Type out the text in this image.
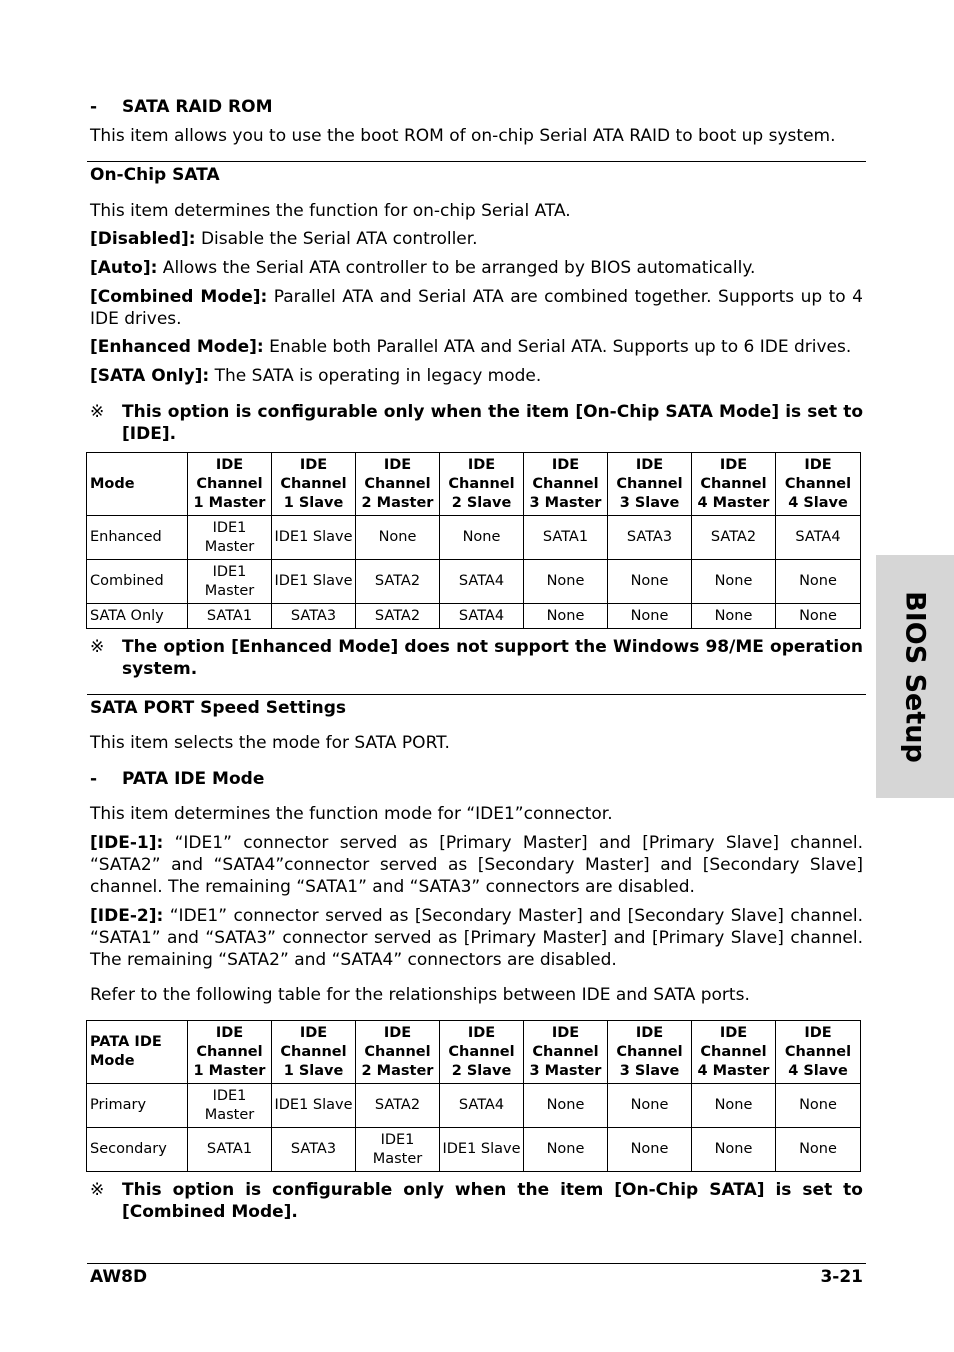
- SATA RAID ROM
This item allows you to use the boot ROM of on-chip Serial ATA RAID to boot up system.
On-Chip SATA
This item determines the function for on-chip Serial ATA.
[Disabled]: Disable the Serial ATA controller.
[Auto]: Allows the Serial ATA controller to be arranged by BIOS automatically.
[Combined Mode]: Parallel ATA and Serial ATA are combined together. Supports up to 4 IDE drives.
[Enhanced Mode]: Enable both Parallel ATA and Serial ATA. Supports up to 6 IDE drives.
[SATA Only]: The SATA is operating in legacy mode.
※ This option is configurable only when the item [On-Chip SATA Mode] is set to [IDE].
Mode	IDE Channel 1 Master	IDE Channel 1 Slave	IDE Channel 2 Master	IDE Channel 2 Slave	IDE Channel 3 Master	IDE Channel 3 Slave	IDE Channel 4 Master	IDE Channel 4 Slave
Enhanced	IDE1 Master	IDE1 Slave	None	None	SATA1	SATA3	SATA2	SATA4
Combined	IDE1 Master	IDE1 Slave	SATA2	SATA4	None	None	None	None
SATA Only	SATA1	SATA3	SATA2	SATA4	None	None	None	None
※ The option [Enhanced Mode] does not support the Windows 98/ME operation system.
SATA PORT Speed Settings
This item selects the mode for SATA PORT.
- PATA IDE Mode
This item determines the function mode for “IDE1”connector.
[IDE-1]: “IDE1” connector served as [Primary Master] and [Primary Slave] channel. “SATA2” and “SATA4”connector served as [Secondary Master] and [Secondary Slave] channel. The remaining “SATA1” and “SATA3” connectors are disabled.
[IDE-2]: “IDE1” connector served as [Secondary Master] and [Secondary Slave] channel. “SATA1” and “SATA3” connector served as [Primary Master] and [Primary Slave] channel. The remaining “SATA2” and “SATA4” connectors are disabled.
Refer to the following table for the relationships between IDE and SATA ports.
PATA IDE Mode	IDE Channel 1 Master	IDE Channel 1 Slave	IDE Channel 2 Master	IDE Channel 2 Slave	IDE Channel 3 Master	IDE Channel 3 Slave	IDE Channel 4 Master	IDE Channel 4 Slave
Primary	IDE1 Master	IDE1 Slave	SATA2	SATA4	None	None	None	None
Secondary	SATA1	SATA3	IDE1 Master	IDE1 Slave	None	None	None	None
※ This option is configurable only when the item [On-Chip SATA] is set to [Combined Mode].
BIOS Setup
AW8D	3-21
